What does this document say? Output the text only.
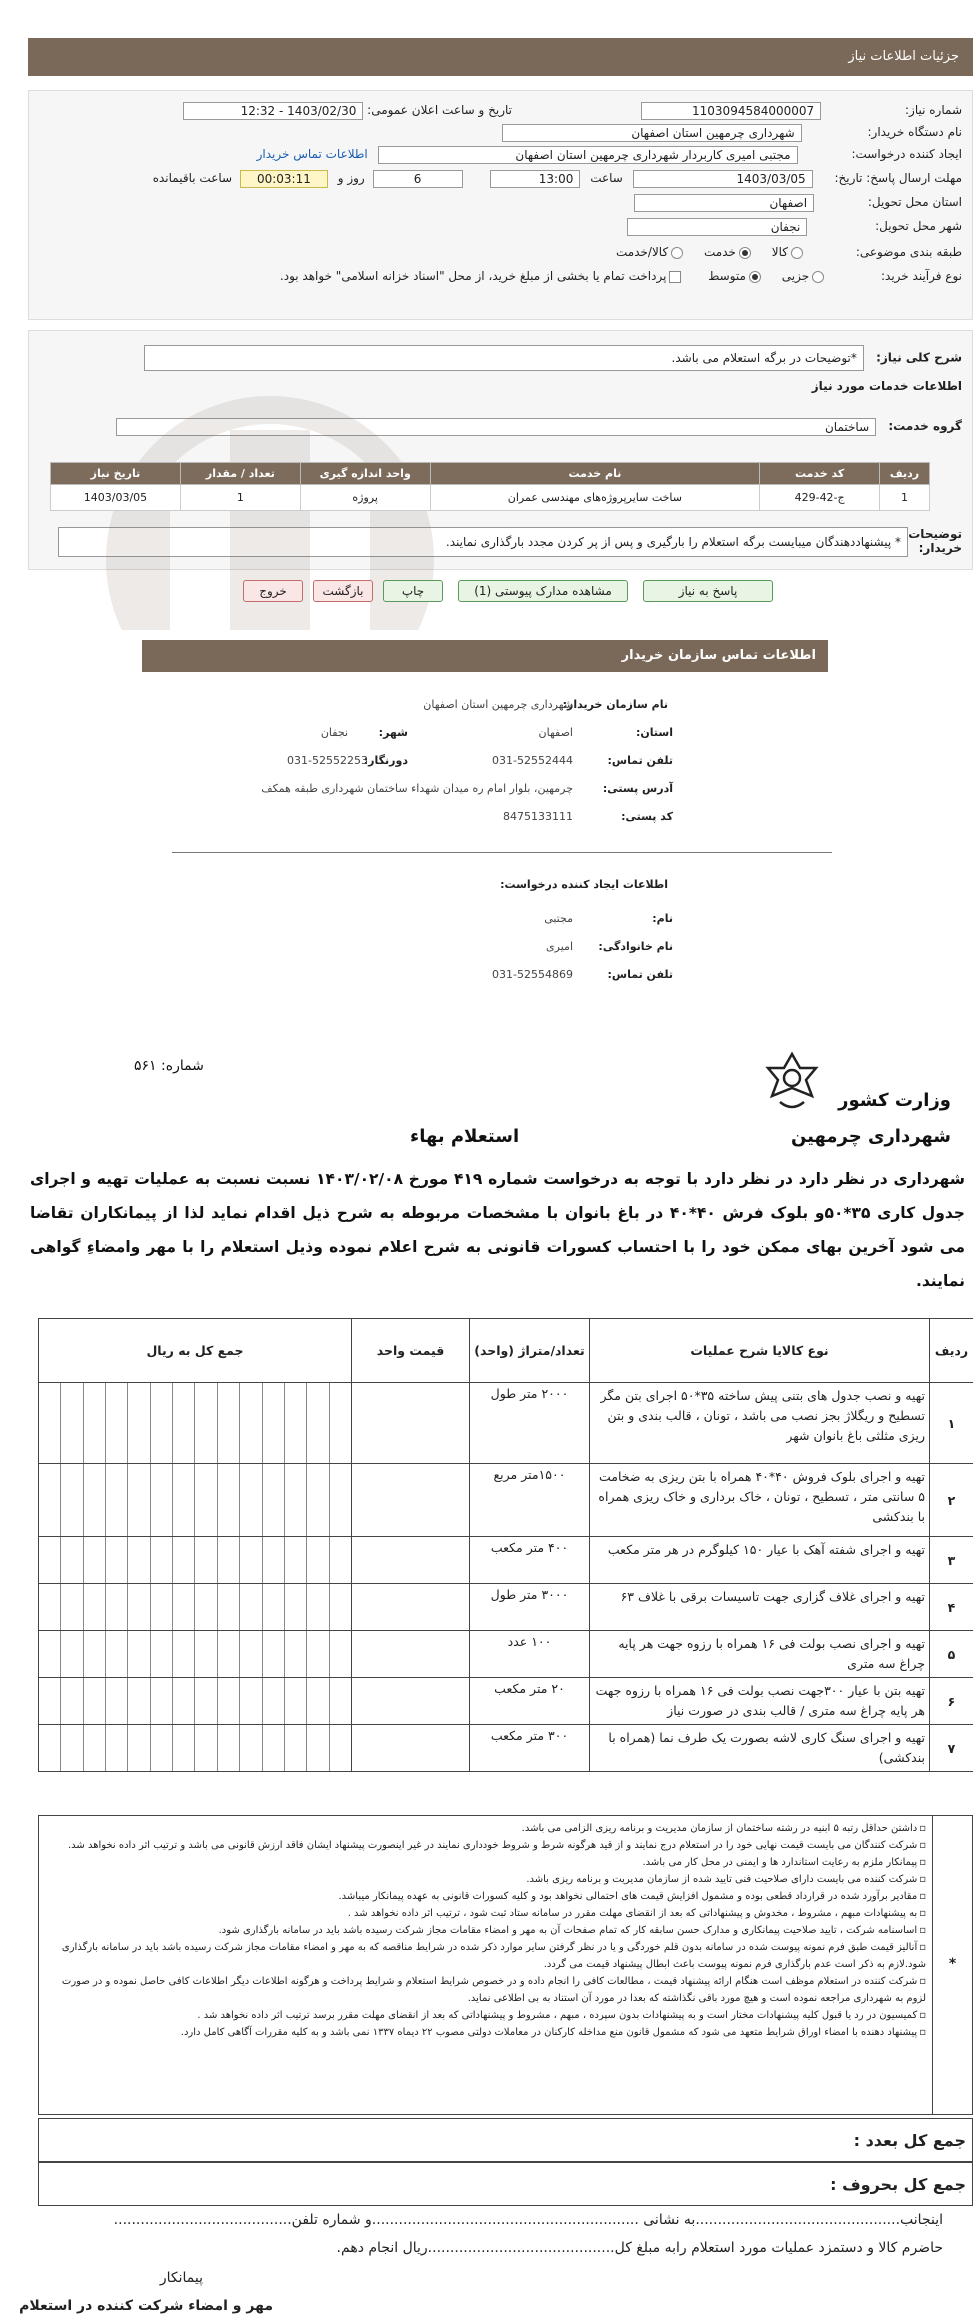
جزئیات اطلاعات نیاز
شماره نیاز: 1103094584000007
تاریخ و ساعت اعلان عمومی: 1403/02/30 - 12:32
نام دستگاه خریدار: شهرداری چرمهین استان اصفهان
ایجاد کننده درخواست: مجتبی امیری کاربردار شهرداری چرمهین استان اصفهان اطلاعات تماس خریدار
مهلت ارسال پاسخ: تاریخ: 1403/03/05 ساعت 13:00 6 روز و 00:03:11 ساعت باقیمانده
استان محل تحویل: اصفهان
شهر محل تحویل: نجفان
طبقه بندی موضوعی: کالا خدمت کالا/خدمت
نوع فرآیند خرید: جزیی متوسط پرداخت تمام یا بخشی از مبلغ خرید، از محل "اسناد خزانه اسلامی" خواهد بود.
شرح کلی نیاز: *توضیحات در برگه استعلام می باشد.
اطلاعات خدمات مورد نیاز
گروه خدمت: ساختمان
توضیحات خریدار:
* پیشنهاددهندگان میبایست برگه استعلام را بارگیری و پس از پر کردن مجدد بارگذاری نمایند.
ردیف	کد خدمت	نام خدمت	واحد اندازه گیری	تعداد / مقدار	تاریخ نیاز
1	ج-42-429	ساخت سایرپروژه‌های مهندسی عمران	پروژه	1	1403/03/05
پاسخ به نیاز
مشاهده مدارک پیوستی (1)
چاپ
بازگشت
خروج
اطلاعات تماس سازمان خریدار
نام سازمان خریدار:
شهرداری چرمهین استان اصفهان
استان:
اصفهان
شهر:
نجفان
تلفن تماس:
031-52552444
دورنگار:
031-52552253
آدرس پستی:
چرمهین، بلوار امام ره میدان شهداء ساختمان شهرداری طبقه همکف
کد پستی:
8475133111
اطلاعات ایجاد کننده درخواست:
نام:
مجتبی
نام خانوادگی:
امیری
تلفن تماس:
031-52554869
شماره: ۵۶۱
وزارت کشور
شهرداری چرمهین
استعلام بهاء
شهرداری در نظر دارد در نظر دارد با توجه به درخواست شماره ۴۱۹ مورخ ۱۴۰۳/۰۲/۰۸ نسبت نسبت به عملیات تهیه و اجرای جدول کاری ۳۵*۵۰و بلوک فرش ۴۰*۴۰ در باغ بانوان با مشخصات مربوطه به شرح ذیل اقدام نماید لذا از پیمانکاران تقاضا می شود آخرین بهای ممکن خود را با احتساب کسورات قانونی به شرح اعلام نموده وذیل استعلام را با مهر وامضاءِ گواهی نمایند.
ردیف	نوع کالایا شرح عملیات	تعداد/متراژ (واحد)	قیمت واحد	جمع کل به ریال
۱	تهیه و نصب جدول های بتنی پیش ساخته ۳۵*۵۰ اجرای بتن مگر تسطیح و ریگلاژ بجز نصب می باشد ، تونان ، قالب بندی و بتن ریزی مثلثی باغ بانوان شهر	۲۰۰۰ متر طول		

۲	تهیه و اجرای بلوک فروش ۴۰*۴۰ همراه با بتن ریزی به ضخامت ۵ سانتی متر ، تسطیح ، تونان ، خاک برداری و خاک ریزی همراه با بندکشی	۱۵۰۰متر مربع		

۳	تهیه و اجرای شفته آهک با عیار ۱۵۰ کیلوگرم در هر متر مکعب	۴۰۰ متر مکعب		

۴	تهیه و اجرای غلاف گزاری جهت تاسیسات برقی با غلاف ۶۳	۳۰۰۰ متر طول		

۵	تهیه و اجرای نصب بولت فی ۱۶ همراه با رزوه جهت هر پایه چراغ سه متری	۱۰۰ عدد		

۶	تهیه بتن با عیار ۳۰۰جهت نصب بولت فی ۱۶ همراه با رزوه جهت هر پایه چراغ سه متری / قالب بندی در صورت نیاز	۲۰ متر مکعب		

۷	تهیه و اجرای سنگ کاری لاشه بصورت یک طرف نما (همراه با بندکشی)	۳۰۰ متر مکعب		
*
▫ داشتن حداقل رتبه ۵ ابنیه در رشته ساختمان از سازمان مدیریت و برنامه ریزی الزامی می باشد.
▫ شرکت کنندگان می بایست قیمت نهایی خود را در استعلام درج نمایند و از قید هرگونه شرط و شروط خودداری نمایند در غیر اینصورت پیشنهاد ایشان فاقد ارزش قانونی می باشد و ترتیب اثر داده نخواهد شد.
▫ پیمانکار ملزم به رعایت استاندارد ها و ایمنی در محل کار می باشد.
▫ شرکت کننده می بایست دارای صلاحیت فنی تایید شده از سازمان مدیریت و برنامه ریزی باشد.
▫ مقادیر برآورد شده در قرارداد قطعی بوده و مشمول افزایش قیمت های احتمالی نخواهد بود و کلیه کسورات قانونی به عهده پیمانکار میباشد.
▫ به پیشنهادات مبهم ، مشروط ، مخدوش و پیشنهاداتی که بعد از انقضای مهلت مقرر در سامانه ستاد ثبت شود ، ترتیب اثر داده نخواهد شد .
▫ اساسنامه شرکت ، تایید صلاحیت پیمانکاری و مدارک حسن سابقه کار که تمام صفحات آن به مهر و امضاء مقامات مجاز شرکت رسیده باشد باید در سامانه بارگذاری شود.
▫ آنالیز قیمت طبق فرم نمونه پیوست شده در سامانه بدون قلم خوردگی و یا در نظر گرفتن سایر موارد ذکر شده در شرایط مناقصه که به مهر و امضاء مقامات مجاز شرکت رسیده باشد باید در سامانه بارگذاری شود.لازم به ذکر است عدم بارگذاری فرم نمونه پیوست باعث ابطال پیشنهاد قیمت می گردد.
▫ شرکت کننده در استعلام موظف است هنگام ارائه پیشنهاد قیمت ، مطالعات کافی را انجام داده و در خصوص شرایط استعلام و شرایط پرداخت و هرگونه اطلاعات دیگر اطلاعات کافی حاصل نموده و در صورت لزوم به شهرداری مراجعه نموده است و هیچ مورد باقی نگذاشته که بعدا در مورد آن استناد به بی اطلاعی نماید.
▫ کمیسیون در رد یا قبول کلیه پیشنهادات مختار است و به پیشنهادات بدون سپرده ، مبهم ، مشروط و پیشنهاداتی که بعد از انقضای مهلت مقرر برسد ترتیب اثر داده نخواهد شد .
▫ پیشنهاد دهنده با امضاء اوراق شرایط متعهد می شود که مشمول قانون منع مداخله کارکنان در معاملات دولتی مصوب ۲۲ دیماه ۱۳۳۷ نمی باشد و به کلیه مقررات آگاهی کامل دارد.
جمع کل بعدد :
جمع کل بحروف :
اینجانب..............................................به نشانی ............................................................و شماره تلفن........................................
حاضرم کالا و دستمزد عملیات مورد استعلام رابه مبلغ کل..........................................ریال انجام دهم.
پیمانکار
مهر و امضاء شرکت کننده در استعلام
